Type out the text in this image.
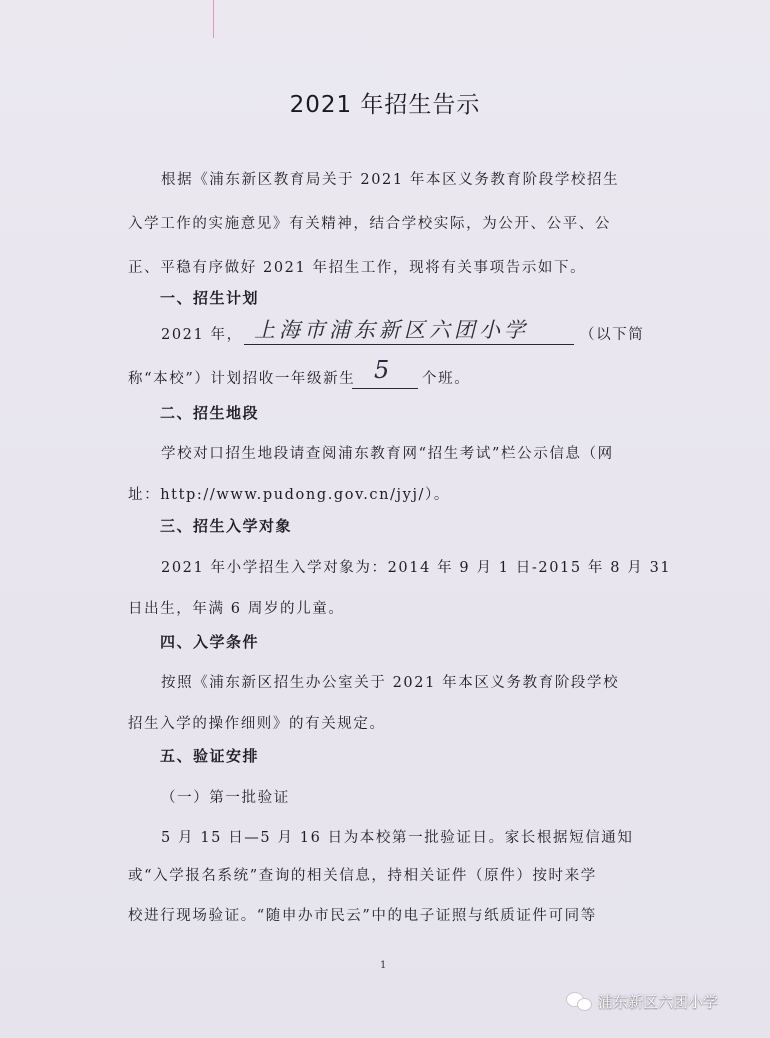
2021 年招生告示
根据《浦东新区教育局关于 2021 年本区义务教育阶段学校招生
入学工作的实施意见》有关精神，结合学校实际，为公开、公平、公
正、平稳有序做好 2021 年招生工作，现将有关事项告示如下。
一、招生计划
2021 年， 上海市浦东新区六团小学	（以下简
称“本校”）计划招收一年级新生 5 个班。
二、招生地段
学校对口招生地段请查阅浦东教育网“招生考试”栏公示信息（网
址：http://www.pudong.gov.cn/jyj/）。
三、招生入学对象
2021 年小学招生入学对象为：2014 年 9 月 1 日-2015 年 8 月 31
日出生，年满 6 周岁的儿童。
四、入学条件
按照《浦东新区招生办公室关于 2021 年本区义务教育阶段学校
招生入学的操作细则》的有关规定。
五、验证安排
（一）第一批验证
5 月 15 日—5 月 16 日为本校第一批验证日。家长根据短信通知
或“入学报名系统”查询的相关信息，持相关证件（原件）按时来学
校进行现场验证。“随申办市民云”中的电子证照与纸质证件可同等
1
浦东新区六团小学
